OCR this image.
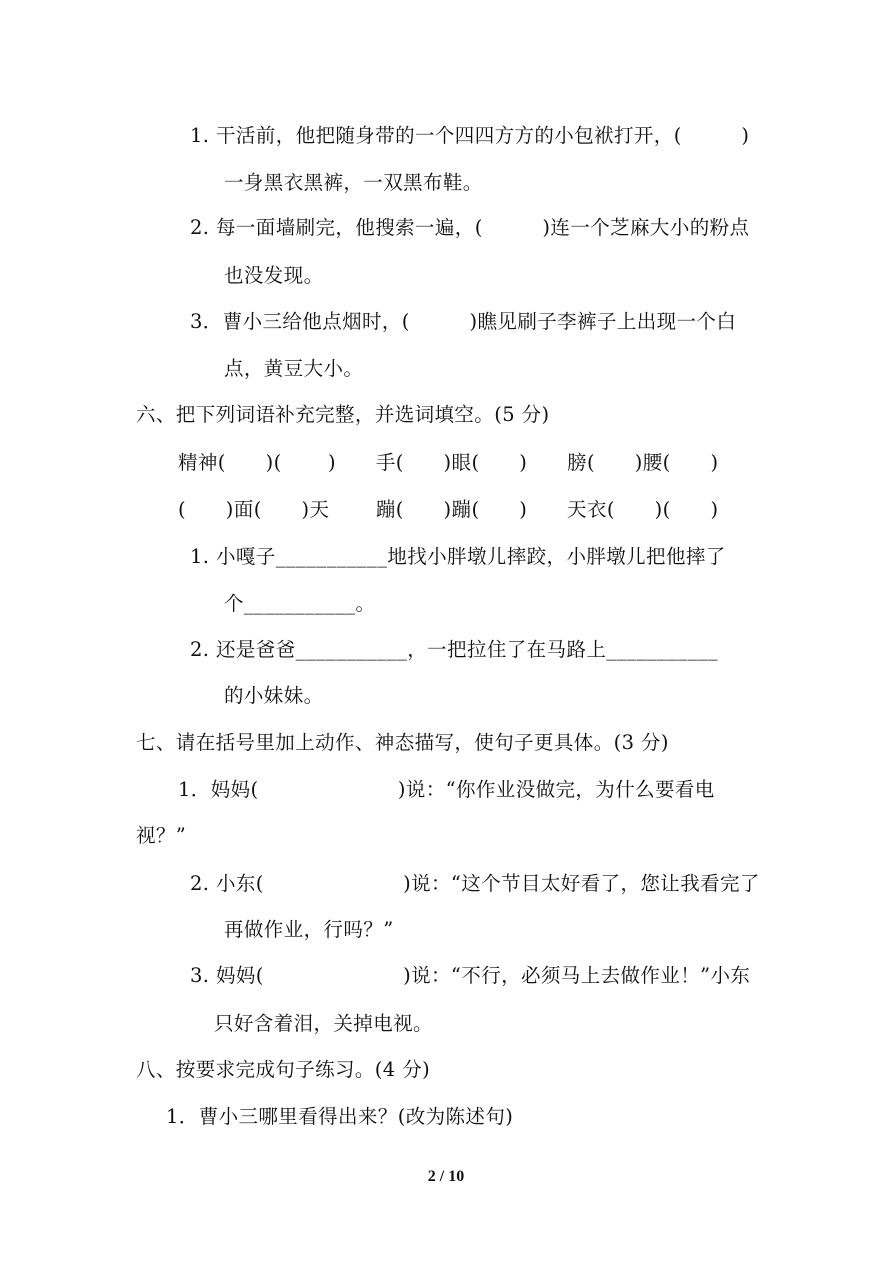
1. 干活前，他把随身带的一个四四方方的小包袱打开，(　　　)
一身黑衣黑裤，一双黑布鞋。
2. 每一面墙刷完，他搜索一遍，(　　　)连一个芝麻大小的粉点
也没发现。
3．曹小三给他点烟时，(　　　)瞧见刷子李裤子上出现一个白
点，黄豆大小。
六、把下列词语补充完整，并选词填空。(5 分)
精神(　　)(　　 )　　手(　　)眼(　　)　　膀(　　)腰(　　)
(　　)面(　　)天　　 蹦(　　)蹦(　　)　　天衣(　　)(　　)
1. 小嘎子___________地找小胖墩儿摔跤，小胖墩儿把他摔了
个___________。
2. 还是爸爸___________，一把拉住了在马路上___________
的小妹妹。
七、请在括号里加上动作、神态描写，使句子更具体。(3 分)
1．妈妈(　　　　　　　)说：“你作业没做完，为什么要看电
视？”
2. 小东(　　　　　　　)说：“这个节目太好看了，您让我看完了
再做作业，行吗？”
3. 妈妈(　　　　　　　)说：“不行，必须马上去做作业！”小东
只好含着泪，关掉电视。
八、按要求完成句子练习。(4 分)
1．曹小三哪里看得出来？(改为陈述句)
2 / 10
